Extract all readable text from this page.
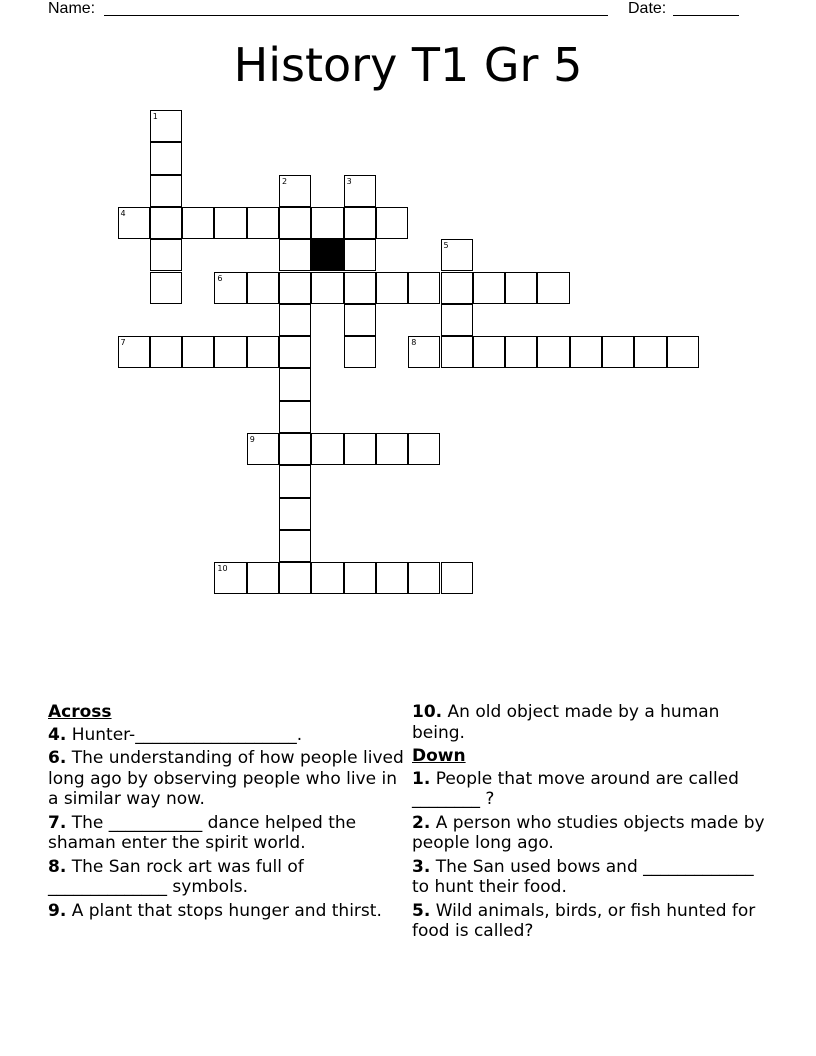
Name:	Date:
History T1 Gr 5
1
2	3
4
5
6
7	8
9
10
Across
4. Hunter-___________________.
6. The understanding of how people lived long ago by observing people who live in a similar way now.
7. The ___________ dance helped the shaman enter the spirit world.
8. The San rock art was full of ______________ symbols.
9. A plant that stops hunger and thirst.
10. An old object made by a human being.
Down
1. People that move around are called ________ ?
2. A person who studies objects made by people long ago.
3. The San used bows and _____________ to hunt their food.
5. Wild animals, birds, or fish hunted for food is called?
